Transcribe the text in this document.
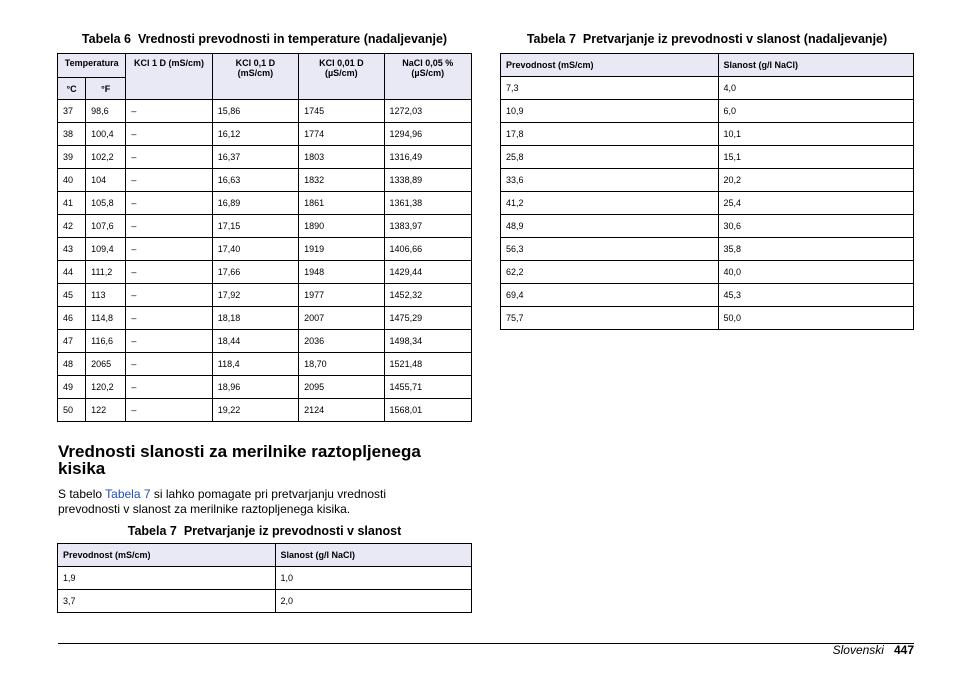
Tabela 6 Vrednosti prevodnosti in temperature (nadaljevanje)
Temperatura		KCl 1 D (mS/cm)	KCl 0,1 D (mS/cm)	KCl 0,01 D (µS/cm)	NaCl 0,05 % (µS/cm)
°C	°F				
37	98,6	–	15,86	1745	1272,03
38	100,4	–	16,12	1774	1294,96
39	102,2	–	16,37	1803	1316,49
40	104	–	16,63	1832	1338,89
41	105,8	–	16,89	1861	1361,38
42	107,6	–	17,15	1890	1383,97
43	109,4	–	17,40	1919	1406,66
44	111,2	–	17,66	1948	1429,44
45	113	–	17,92	1977	1452,32
46	114,8	–	18,18	2007	1475,29
47	116,6	–	18,44	2036	1498,34
48	2065	–	118,4	18,70	1521,48
49	120,2	–	18,96	2095	1455,71
50	122	–	19,22	2124	1568,01
Vrednosti slanosti za merilnike raztopljenega kisika
S tabelo Tabela 7 si lahko pomagate pri pretvarjanju vrednosti prevodnosti v slanost za merilnike raztopljenega kisika.
Tabela 7 Pretvarjanje iz prevodnosti v slanost
Prevodnost (mS/cm)	Slanost (g/l NaCl)
1,9	1,0
3,7	2,0
Tabela 7 Pretvarjanje iz prevodnosti v slanost (nadaljevanje)
Prevodnost (mS/cm)	Slanost (g/l NaCl)
7,3	4,0
10,9	6,0
17,8	10,1
25,8	15,1
33,6	20,2
41,2	25,4
48,9	30,6
56,3	35,8
62,2	40,0
69,4	45,3
75,7	50,0
Slovenski 447
